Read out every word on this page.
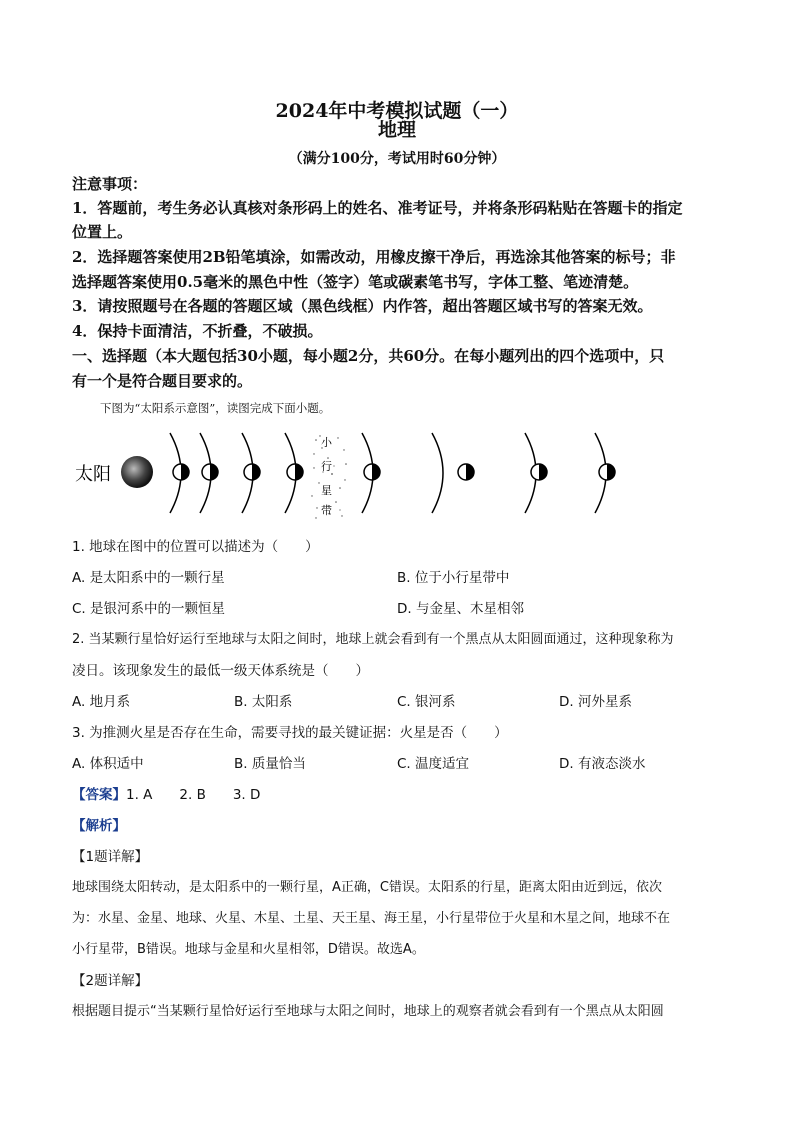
2024年中考模拟试题（一）
地理
（满分100分，考试用时60分钟）
注意事项：
1．答题前，考生务必认真核对条形码上的姓名、准考证号，并将条形码粘贴在答题卡的指定
位置上。
2．选择题答案使用2B铅笔填涂，如需改动，用橡皮擦干净后，再选涂其他答案的标号；非
选择题答案使用0.5毫米的黑色中性（签字）笔或碳素笔书写，字体工整、笔迹清楚。
3．请按照题号在各题的答题区域（黑色线框）内作答，超出答题区域书写的答案无效。
4．保持卡面清洁，不折叠，不破损。
一、选择题（本大题包括30小题，每小题2分，共60分。在每小题列出的四个选项中，只
有一个是符合题目要求的。
下图为“太阳系示意图”，读图完成下面小题。
太阳
小
行
星
带
1. 地球在图中的位置可以描述为（　　）
A. 是太阳系中的一颗行星	B. 位于小行星带中
C. 是银河系中的一颗恒星	D. 与金星、木星相邻
2. 当某颗行星恰好运行至地球与太阳之间时，地球上就会看到有一个黑点从太阳圆面通过，这种现象称为
凌日。该现象发生的最低一级天体系统是（　　）
A. 地月系	B. 太阳系	C. 银河系	D. 河外星系
3. 为推测火星是否存在生命，需要寻找的最关键证据：火星是否（　　）
A. 体积适中	B. 质量恰当	C. 温度适宜	D. 有液态淡水
【答案】1. A　　2. B　　3. D
【解析】
【1题详解】
地球围绕太阳转动，是太阳系中的一颗行星，A正确，C错误。太阳系的行星，距离太阳由近到远，依次
为：水星、金星、地球、火星、木星、土星、天王星、海王星，小行星带位于火星和木星之间，地球不在
小行星带，B错误。地球与金星和火星相邻，D错误。故选A。
【2题详解】
根据题目提示“当某颗行星恰好运行至地球与太阳之间时，地球上的观察者就会看到有一个黑点从太阳圆
